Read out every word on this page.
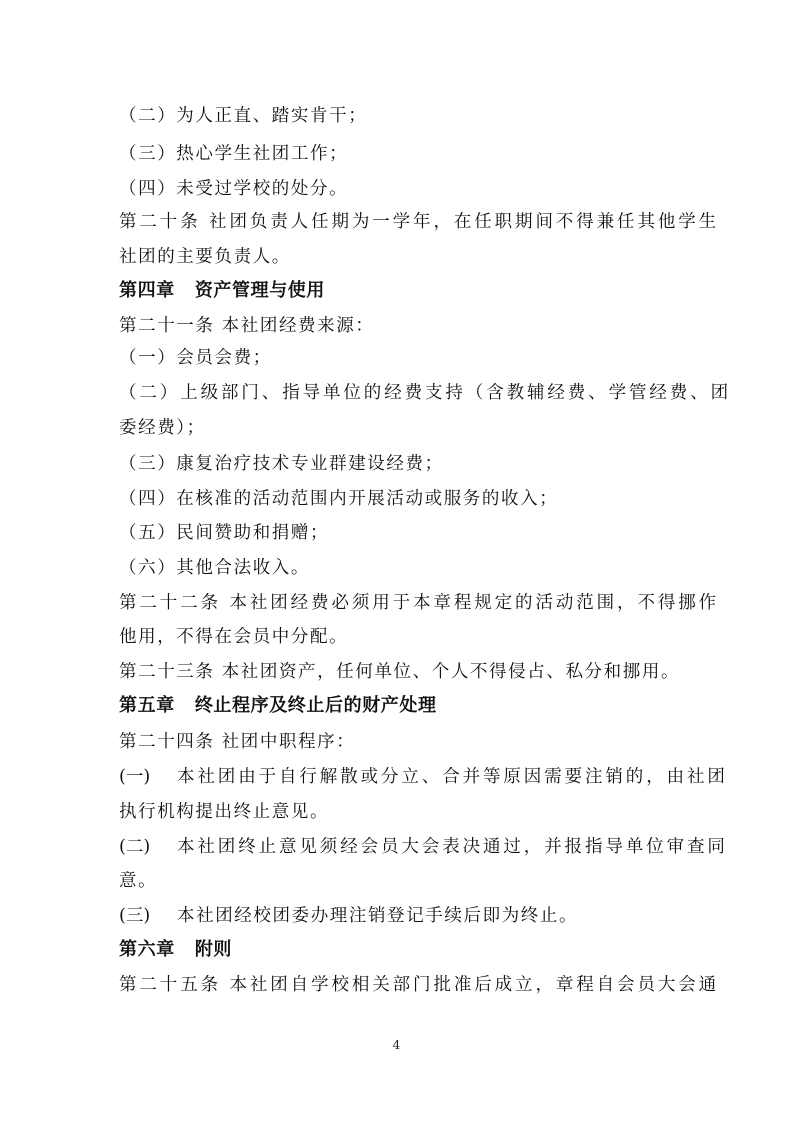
（二）为人正直、踏实肯干；
（三）热心学生社团工作；
（四）未受过学校的处分。
第二十条 社团负责人任期为一学年，在任职期间不得兼任其他学生
社团的主要负责人。
第四章 资产管理与使用
第二十一条 本社团经费来源：
（一）会员会费；
（二）上级部门、指导单位的经费支持（含教辅经费、学管经费、团
委经费）；
（三）康复治疗技术专业群建设经费；
（四）在核准的活动范围内开展活动或服务的收入；
（五）民间赞助和捐赠；
（六）其他合法收入。
第二十二条 本社团经费必须用于本章程规定的活动范围，不得挪作
他用，不得在会员中分配。
第二十三条 本社团资产，任何单位、个人不得侵占、私分和挪用。
第五章 终止程序及终止后的财产处理
第二十四条 社团中职程序：
(一) 本社团由于自行解散或分立、合并等原因需要注销的，由社团
执行机构提出终止意见。
(二) 本社团终止意见须经会员大会表决通过，并报指导单位审查同
意。
(三) 本社团经校团委办理注销登记手续后即为终止。
第六章 附则
第二十五条 本社团自学校相关部门批准后成立，章程自会员大会通
4
